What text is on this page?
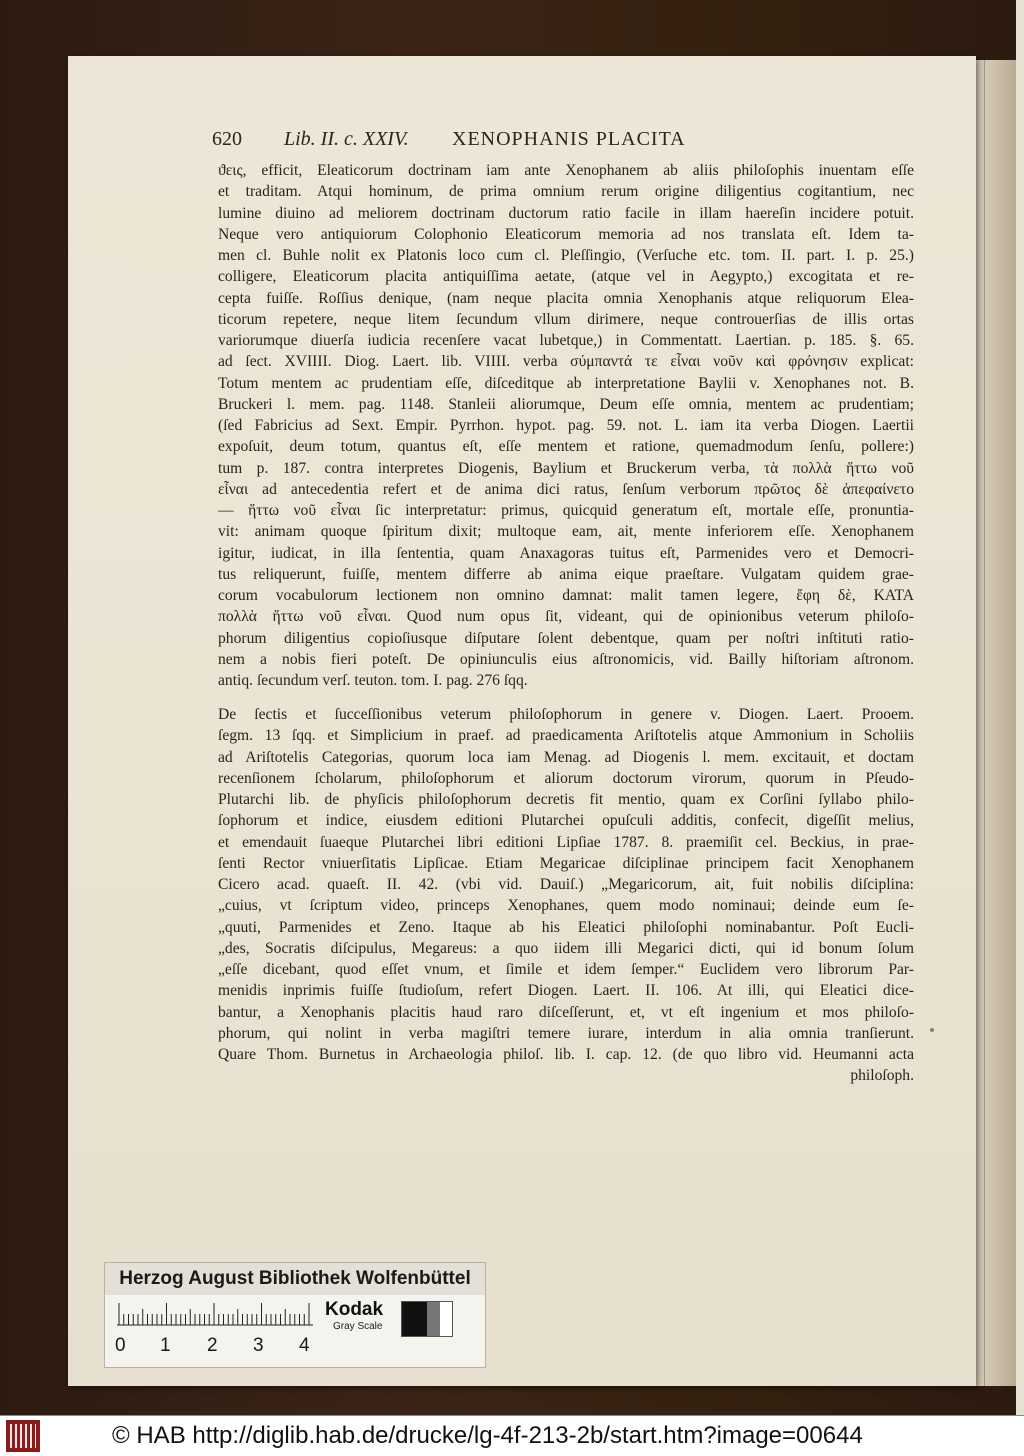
620 Lib. II. c. XXIV. XENOPHANIS PLACITA
ϑεις, efficit, Eleaticorum doctrinam iam ante Xenophanem ab aliis philoſophis inuentam eſſe
et traditam. Atqui hominum, de prima omnium rerum origine diligentius cogitantium, nec
lumine diuino ad meliorem doctrinam ductorum ratio facile in illam haereſin incidere potuit.
Neque vero antiquiorum Colophonio Eleaticorum memoria ad nos translata eſt. Idem ta-
men cl. Buhle nolit ex Platonis loco cum cl. Pleſſingio, (Verſuche etc. tom. II. part. I. p. 25.)
colligere, Eleaticorum placita antiquiſſima aetate, (atque vel in Aegypto,) excogitata et re-
cepta fuiſſe. Roſſius denique, (nam neque placita omnia Xenophanis atque reliquorum Elea-
ticorum repetere, neque litem ſecundum vllum dirimere, neque controuerſias de illis ortas
variorumque diuerſa iudicia recenſere vacat lubetque,) in Commentatt. Laertian. p. 185. §. 65.
ad ſect. XVIIII. Diog. Laert. lib. VIIII. verba σύμπαντά τε εἶναι νοῦν καὶ φρόνησιν explicat:
Totum mentem ac prudentiam eſſe, diſceditque ab interpretatione Baylii v. Xenophanes not. B.
Bruckeri l. mem. pag. 1148. Stanleii aliorumque, Deum eſſe omnia, mentem ac prudentiam;
(ſed Fabricius ad Sext. Empir. Pyrrhon. hypot. pag. 59. not. L. iam ita verba Diogen. Laertii
expoſuit, deum totum, quantus eſt, eſſe mentem et ratione, quemadmodum ſenſu, pollere:)
tum p. 187. contra interpretes Diogenis, Baylium et Bruckerum verba, τὰ πολλὰ ἥττω νοῦ
εἶναι ad antecedentia refert et de anima dici ratus, ſenſum verborum πρῶτος δὲ ἀπεφαίνετο
— ἥττω νοῦ εἶναι ſic interpretatur: primus, quicquid generatum eſt, mortale eſſe, pronuntia-
vit: animam quoque ſpiritum dixit; multoque eam, ait, mente inferiorem eſſe. Xenophanem
igitur, iudicat, in illa ſententia, quam Anaxagoras tuitus eſt, Parmenides vero et Democri-
tus reliquerunt, fuiſſe, mentem differre ab anima eique praeſtare. Vulgatam quidem grae-
corum vocabulorum lectionem non omnino damnat: malit tamen legere, ἔφη δὲ, ΚΑΤΑ
πολλὰ ἥττω νοῦ εἶναι. Quod num opus ſit, videant, qui de opinionibus veterum philoſo-
phorum diligentius copioſiusque diſputare ſolent debentque, quam per noſtri inſtituti ratio-
nem a nobis fieri poteſt. De opiniunculis eius aſtronomicis, vid. Bailly hiſtoriam aſtronom.
antiq. ſecundum verſ. teuton. tom. I. pag. 276 ſqq.
De ſectis et ſucceſſionibus veterum philoſophorum in genere v. Diogen. Laert. Prooem.
ſegm. 13 ſqq. et Simplicium in praef. ad praedicamenta Ariſtotelis atque Ammonium in Scholiis
ad Ariſtotelis Categorias, quorum loca iam Menag. ad Diogenis l. mem. excitauit, et doctam
recenſionem ſcholarum, philoſophorum et aliorum doctorum virorum, quorum in Pſeudo-
Plutarchi lib. de phyſicis philoſophorum decretis fit mentio, quam ex Corſini ſyllabo philo-
ſophorum et indice, eiusdem editioni Plutarchei opuſculi additis, confecit, digeſſit melius,
et emendauit ſuaeque Plutarchei libri editioni Lipſiae 1787. 8. praemiſit cel. Beckius, in prae-
ſenti Rector vniuerſitatis Lipſicae. Etiam Megaricae diſciplinae principem facit Xenophanem
Cicero acad. quaeſt. II. 42. (vbi vid. Dauiſ.) „Megaricorum, ait, fuit nobilis diſciplina:
„cuius, vt ſcriptum video, princeps Xenophanes, quem modo nominaui; deinde eum ſe-
„quuti, Parmenides et Zeno. Itaque ab his Eleatici philoſophi nominabantur. Poſt Eucli-
„des, Socratis diſcipulus, Megareus: a quo iidem illi Megarici dicti, qui id bonum ſolum
„eſſe dicebant, quod eſſet vnum, et ſimile et idem ſemper.“ Euclidem vero librorum Par-
menidis inprimis fuiſſe ſtudioſum, refert Diogen. Laert. II. 106. At illi, qui Eleatici dice-
bantur, a Xenophanis placitis haud raro diſceſſerunt, et, vt eſt ingenium et mos philoſo-
phorum, qui nolint in verba magiſtri temere iurare, interdum in alia omnia tranſierunt.
Quare Thom. Burnetus in Archaeologia philoſ. lib. I. cap. 12. (de quo libro vid. Heumanni acta
philoſoph.
Herzog August Bibliothek Wolfenbüttel
0 1 2 3 4
Kodak
Gray Scale
© HAB http://diglib.hab.de/drucke/lg-4f-213-2b/start.htm?image=00644
